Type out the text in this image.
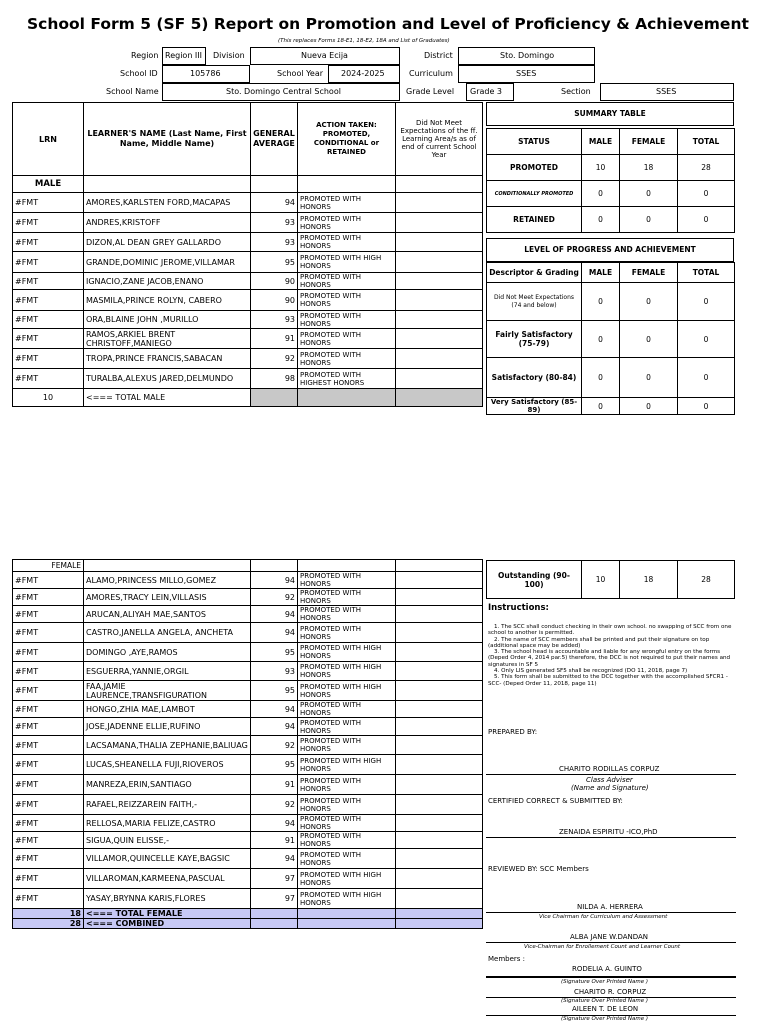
School Form 5 (SF 5) Report on Promotion and Level of Proficiency & Achievement
(This replaces Forms 18-E1, 18-E2, 18A and List of Graduates)
Region Region III Division	Nueva Ecija	District	Sto. Domingo
School ID	105786	School Year 2024-2025	Curriculum	SSES
School Name	Sto. Domingo Central School	Grade Level Grade 3	Section	SSES
LRN	LEARNER'S NAME (Last Name, First Name, Middle Name)	GENERAL AVERAGE	ACTION TAKEN: PROMOTED, CONDITIONAL or RETAINED	Did Not Meet Expectations of the ff. Learning Area/s as of end of current School Year
MALE				
#FMT	AMORES,KARLSTEN FORD,MACAPAS	94	PROMOTED WITH HONORS	
#FMT	ANDRES,KRISTOFF	93	PROMOTED WITH HONORS	
#FMT	DIZON,AL DEAN GREY GALLARDO	93	PROMOTED WITH HONORS	
#FMT	GRANDE,DOMINIC JEROME,VILLAMAR	95	PROMOTED WITH HIGH HONORS	
#FMT	IGNACIO,ZANE JACOB,ENANO	90	PROMOTED WITH HONORS	
#FMT	MASMILA,PRINCE ROLYN, CABERO	90	PROMOTED WITH HONORS	
#FMT	ORA,BLAINE JOHN ,MURILLO	93	PROMOTED WITH HONORS	
#FMT	RAMOS,ARKIEL BRENT CHRISTOFF,MANIEGO	91	PROMOTED WITH HONORS	
#FMT	TROPA,PRINCE FRANCIS,SABACAN	92	PROMOTED WITH HONORS	
#FMT	TURALBA,ALEXUS JARED,DELMUNDO	98	PROMOTED WITH HIGHEST HONORS	
10	<=== TOTAL MALE			
FEMALE				
#FMT	ALAMO,PRINCESS MILLO,GOMEZ	94	PROMOTED WITH HONORS	
#FMT	AMORES,TRACY LEIN,VILLASIS	92	PROMOTED WITH HONORS	
#FMT	ARUCAN,ALIYAH MAE,SANTOS	94	PROMOTED WITH HONORS	
#FMT	CASTRO,JANELLA ANGELA, ANCHETA	94	PROMOTED WITH HONORS	
#FMT	DOMINGO ,AYE,RAMOS	95	PROMOTED WITH HIGH HONORS	
#FMT	ESGUERRA,YANNIE,ORGIL	93	PROMOTED WITH HIGH HONORS	
#FMT	FAA,JAMIE LAURENCE,TRANSFIGURATION	95	PROMOTED WITH HIGH HONORS	
#FMT	HONGO,ZHIA MAE,LAMBOT	94	PROMOTED WITH HONORS	
#FMT	JOSE,JADENNE ELLIE,RUFINO	94	PROMOTED WITH HONORS	
#FMT	LACSAMANA,THALIA ZEPHANIE,BALIUAG	92	PROMOTED WITH HONORS	
#FMT	LUCAS,SHEANELLA FUJI,RIOVEROS	95	PROMOTED WITH HIGH HONORS	
#FMT	MANREZA,ERIN,SANTIAGO	91	PROMOTED WITH HONORS	
#FMT	RAFAEL,REIZZAREIN FAITH,-	92	PROMOTED WITH HONORS	
#FMT	RELLOSA,MARIA FELIZE,CASTRO	94	PROMOTED WITH HONORS	
#FMT	SIGUA,QUIN ELISSE,-	91	PROMOTED WITH HONORS	
#FMT	VILLAMOR,QUINCELLE KAYE,BAGSIC	94	PROMOTED WITH HONORS	
#FMT	VILLAROMAN,KARMEENA,PASCUAL	97	PROMOTED WITH HIGH HONORS	
#FMT	YASAY,BRYNNA KARIS,FLORES	97	PROMOTED WITH HIGH HONORS	
18	<=== TOTAL FEMALE			
28	<=== COMBINED			
SUMMARY TABLE
STATUS	MALE	FEMALE	TOTAL
PROMOTED	10	18	28
CONDITIONALLY PROMOTED	0	0	0
RETAINED	0	0	0
LEVEL OF PROGRESS AND ACHIEVEMENT
Descriptor & Grading	MALE	FEMALE	TOTAL
Did Not Meet Expectations (74 and below)	0	0	0
Fairly Satisfactory (75-79)	0	0	0
Satisfactory (80-84)	0	0	0
Very Satisfactory (85-89)	0	0	0
Outstanding (90-100)	10	18	28
Instructions:
1. The SCC shall conduct checking in their own school. no swapping of SCC from one school to another is permitted.
2. The name of SCC members shall be printed and put their signature on top (additional space may be added)
3. The school head is accountable and liable for any wrongful entry on the forms (Deped Order 4, 2014 par.5) therefore, the DCC is not required to put their names and signatures in SF 5
4. Only LIS generated SF5 shall be recognized (DO 11, 2018, page 7)
5. This form shall be submitted to the DCC together with the accomplished SFCR1 - SCC- (Deped Order 11, 2018, page 11)
PREPARED BY:
CHARITO RODILLAS CORPUZ
Class Adviser
(Name and Signature)
CERTIFIED CORRECT & SUBMITTED BY:
ZENAIDA ESPIRITU -ICO,PhD
REVIEWED BY: SCC Members
NILDA A. HERRERA
Vice Chairman for Curriculum and Assessment
ALBA JANE W.DANDAN
Vice-Chairman for Enrollement Count and Learner Count
Members :
RODELIA A. GUINTO
(Signature Over Printed Name )
CHARITO R. CORPUZ
(Signature Over Printed Name )
AILEEN T. DE LEON
(Signature Over Printed Name )
